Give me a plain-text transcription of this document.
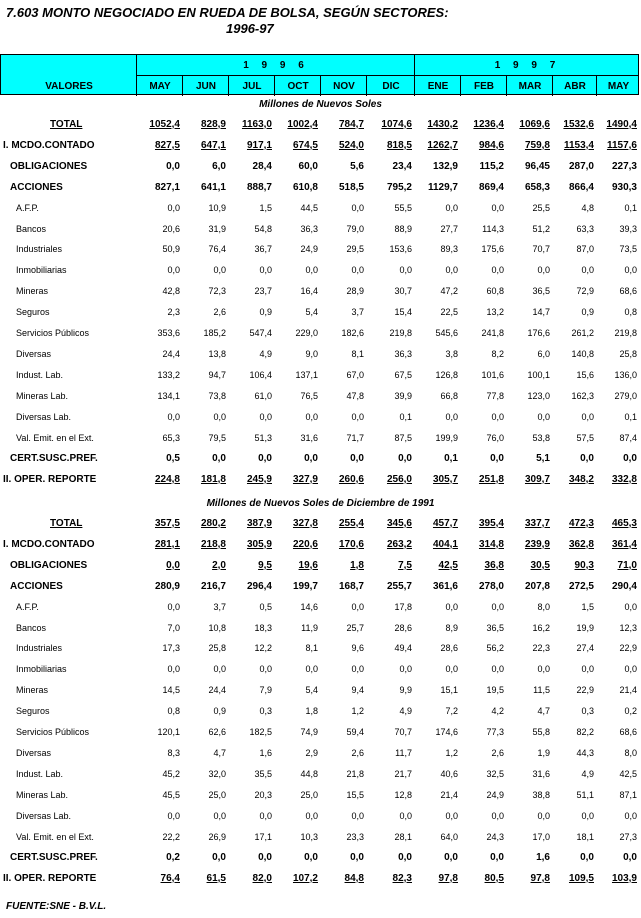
7.603 MONTO NEGOCIADO EN RUEDA DE BOLSA, SEGÚN SECTORES:
1996-97
VALORES
1 9 9 6	1 9 9 7
MAY	JUN	JUL	OCT	NOV	DIC	ENE	FEB	MAR	ABR	MAY
Millones de Nuevos Soles
TOTAL	1052,4	828,9	1163,0	1002,4	784,7	1074,6	1430,2	1236,4	1069,6	1532,6	1490,4
I. MCDO.CONTADO	827,5	647,1	917,1	674,5	524,0	818,5	1262,7	984,6	759,8	1153,4	1157,6
OBLIGACIONES	0,0	6,0	28,4	60,0	5,6	23,4	132,9	115,2	96,45	287,0	227,3
ACCIONES	827,1	641,1	888,7	610,8	518,5	795,2	1129,7	869,4	658,3	866,4	930,3
A.F.P.	0,0	10,9	1,5	44,5	0,0	55,5	0,0	0,0	25,5	4,8	0,1
Bancos	20,6	31,9	54,8	36,3	79,0	88,9	27,7	114,3	51,2	63,3	39,3
Industriales	50,9	76,4	36,7	24,9	29,5	153,6	89,3	175,6	70,7	87,0	73,5
Inmobiliarias	0,0	0,0	0,0	0,0	0,0	0,0	0,0	0,0	0,0	0,0	0,0
Mineras	42,8	72,3	23,7	16,4	28,9	30,7	47,2	60,8	36,5	72,9	68,6
Seguros	2,3	2,6	0,9	5,4	3,7	15,4	22,5	13,2	14,7	0,9	0,8
Servicios Públicos	353,6	185,2	547,4	229,0	182,6	219,8	545,6	241,8	176,6	261,2	219,8
Diversas	24,4	13,8	4,9	9,0	8,1	36,3	3,8	8,2	6,0	140,8	25,8
Indust. Lab.	133,2	94,7	106,4	137,1	67,0	67,5	126,8	101,6	100,1	15,6	136,0
Mineras Lab.	134,1	73,8	61,0	76,5	47,8	39,9	66,8	77,8	123,0	162,3	279,0
Diversas Lab.	0,0	0,0	0,0	0,0	0,0	0,1	0,0	0,0	0,0	0,0	0,1
Val. Emit. en el Ext.	65,3	79,5	51,3	31,6	71,7	87,5	199,9	76,0	53,8	57,5	87,4
CERT.SUSC.PREF.	0,5	0,0	0,0	0,0	0,0	0,0	0,1	0,0	5,1	0,0	0,0
II. OPER. REPORTE	224,8	181,8	245,9	327,9	260,6	256,0	305,7	251,8	309,7	348,2	332,8
Millones de Nuevos Soles de Diciembre de 1991
TOTAL	357,5	280,2	387,9	327,8	255,4	345,6	457,7	395,4	337,7	472,3	465,3
I. MCDO.CONTADO	281,1	218,8	305,9	220,6	170,6	263,2	404,1	314,8	239,9	362,8	361,4
OBLIGACIONES	0,0	2,0	9,5	19,6	1,8	7,5	42,5	36,8	30,5	90,3	71,0
ACCIONES	280,9	216,7	296,4	199,7	168,7	255,7	361,6	278,0	207,8	272,5	290,4
A.F.P.	0,0	3,7	0,5	14,6	0,0	17,8	0,0	0,0	8,0	1,5	0,0
Bancos	7,0	10,8	18,3	11,9	25,7	28,6	8,9	36,5	16,2	19,9	12,3
Industriales	17,3	25,8	12,2	8,1	9,6	49,4	28,6	56,2	22,3	27,4	22,9
Inmobiliarias	0,0	0,0	0,0	0,0	0,0	0,0	0,0	0,0	0,0	0,0	0,0
Mineras	14,5	24,4	7,9	5,4	9,4	9,9	15,1	19,5	11,5	22,9	21,4
Seguros	0,8	0,9	0,3	1,8	1,2	4,9	7,2	4,2	4,7	0,3	0,2
Servicios Públicos	120,1	62,6	182,5	74,9	59,4	70,7	174,6	77,3	55,8	82,2	68,6
Diversas	8,3	4,7	1,6	2,9	2,6	11,7	1,2	2,6	1,9	44,3	8,0
Indust. Lab.	45,2	32,0	35,5	44,8	21,8	21,7	40,6	32,5	31,6	4,9	42,5
Mineras Lab.	45,5	25,0	20,3	25,0	15,5	12,8	21,4	24,9	38,8	51,1	87,1
Diversas Lab.	0,0	0,0	0,0	0,0	0,0	0,0	0,0	0,0	0,0	0,0	0,0
Val. Emit. en el Ext.	22,2	26,9	17,1	10,3	23,3	28,1	64,0	24,3	17,0	18,1	27,3
CERT.SUSC.PREF.	0,2	0,0	0,0	0,0	0,0	0,0	0,0	0,0	1,6	0,0	0,0
II. OPER. REPORTE	76,4	61,5	82,0	107,2	84,8	82,3	97,8	80,5	97,8	109,5	103,9
FUENTE:SNE - B.V.L.
